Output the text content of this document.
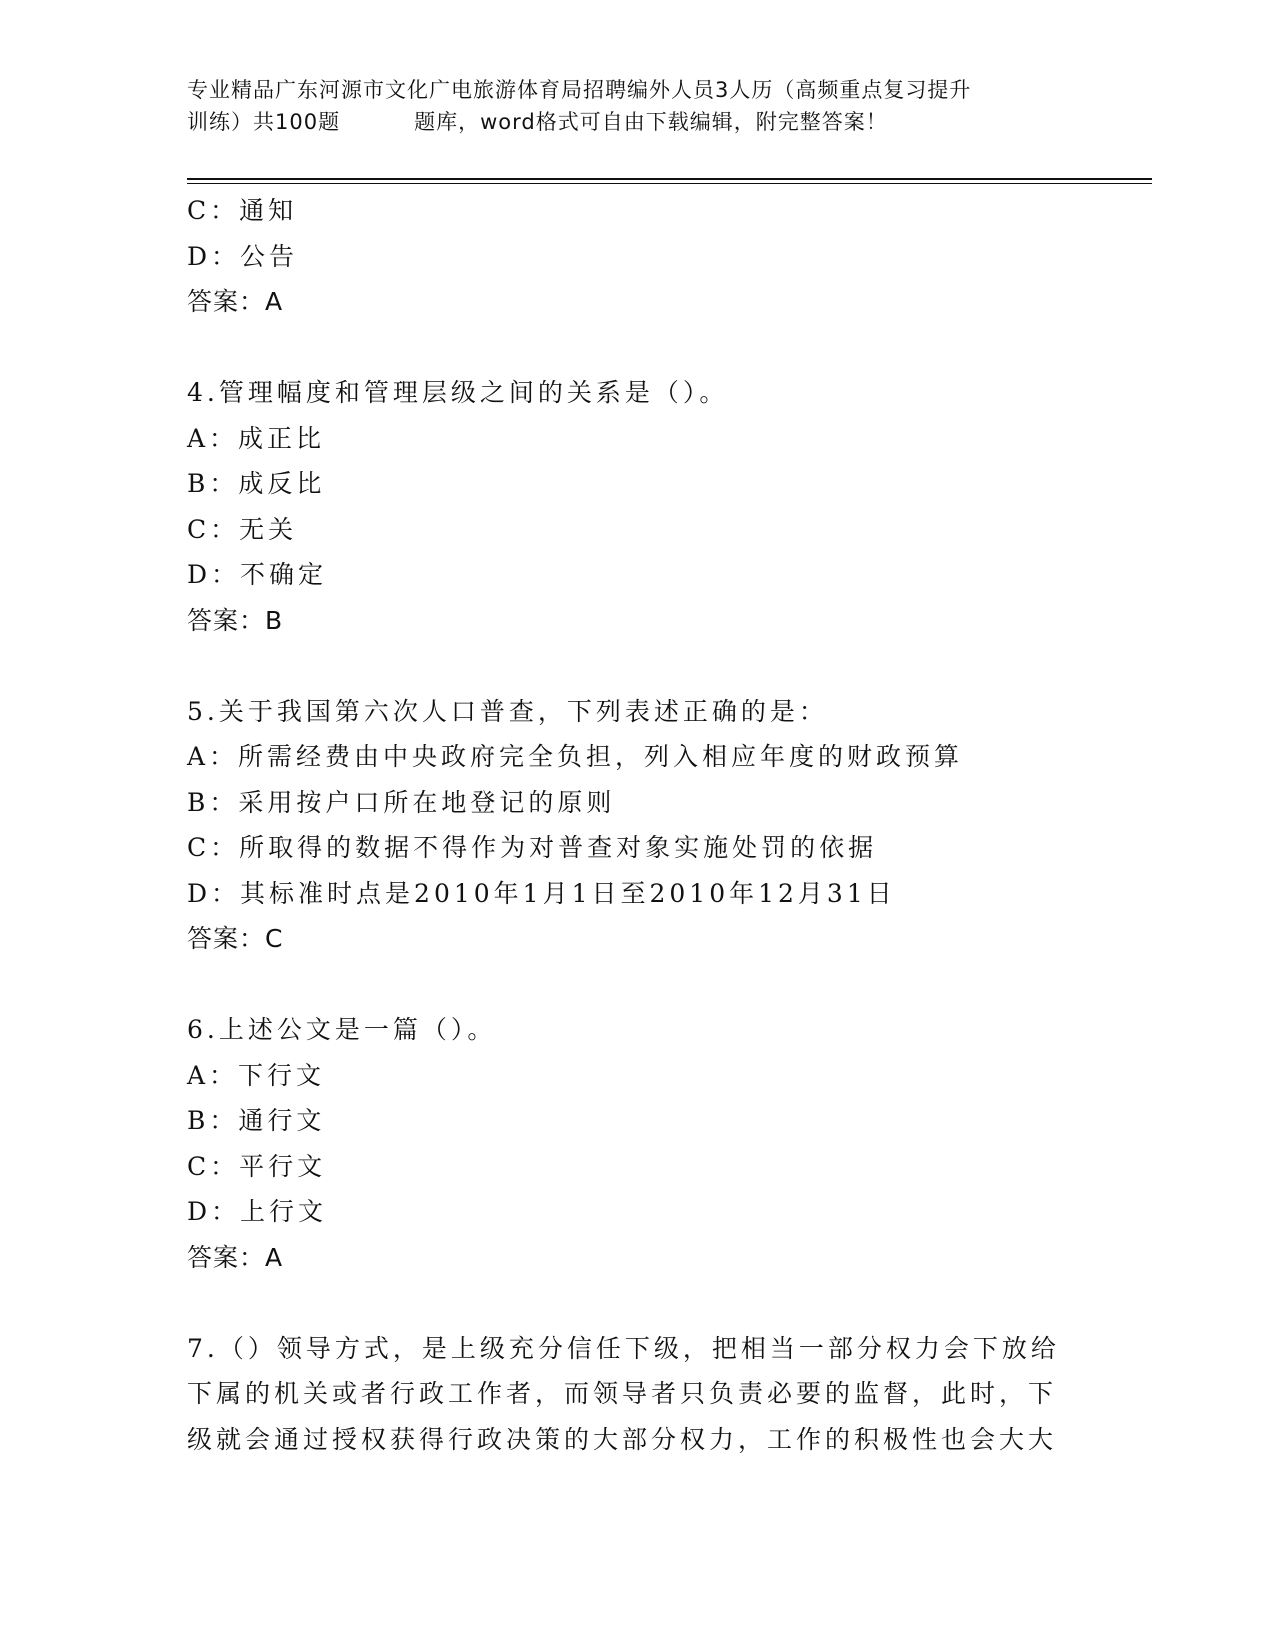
专业精品广东河源市文化广电旅游体育局招聘编外人员3人历（高频重点复习提升
训练）共100题	题库，word格式可自由下载编辑，附完整答案！
C：通知
D：公告
答案：A
4.管理幅度和管理层级之间的关系是（）。
A：成正比
B：成反比
C：无关
D：不确定
答案：B
5.关于我国第六次人口普查，下列表述正确的是：
A：所需经费由中央政府完全负担，列入相应年度的财政预算
B：采用按户口所在地登记的原则
C：所取得的数据不得作为对普查对象实施处罚的依据
D：其标准时点是2010年1月1日至2010年12月31日
答案：C
6.上述公文是一篇（）。
A：下行文
B：通行文
C：平行文
D：上行文
答案：A
7.（）领导方式，是上级充分信任下级，把相当一部分权力会下放给
下属的机关或者行政工作者，而领导者只负责必要的监督，此时，下
级就会通过授权获得行政决策的大部分权力，工作的积极性也会大大
